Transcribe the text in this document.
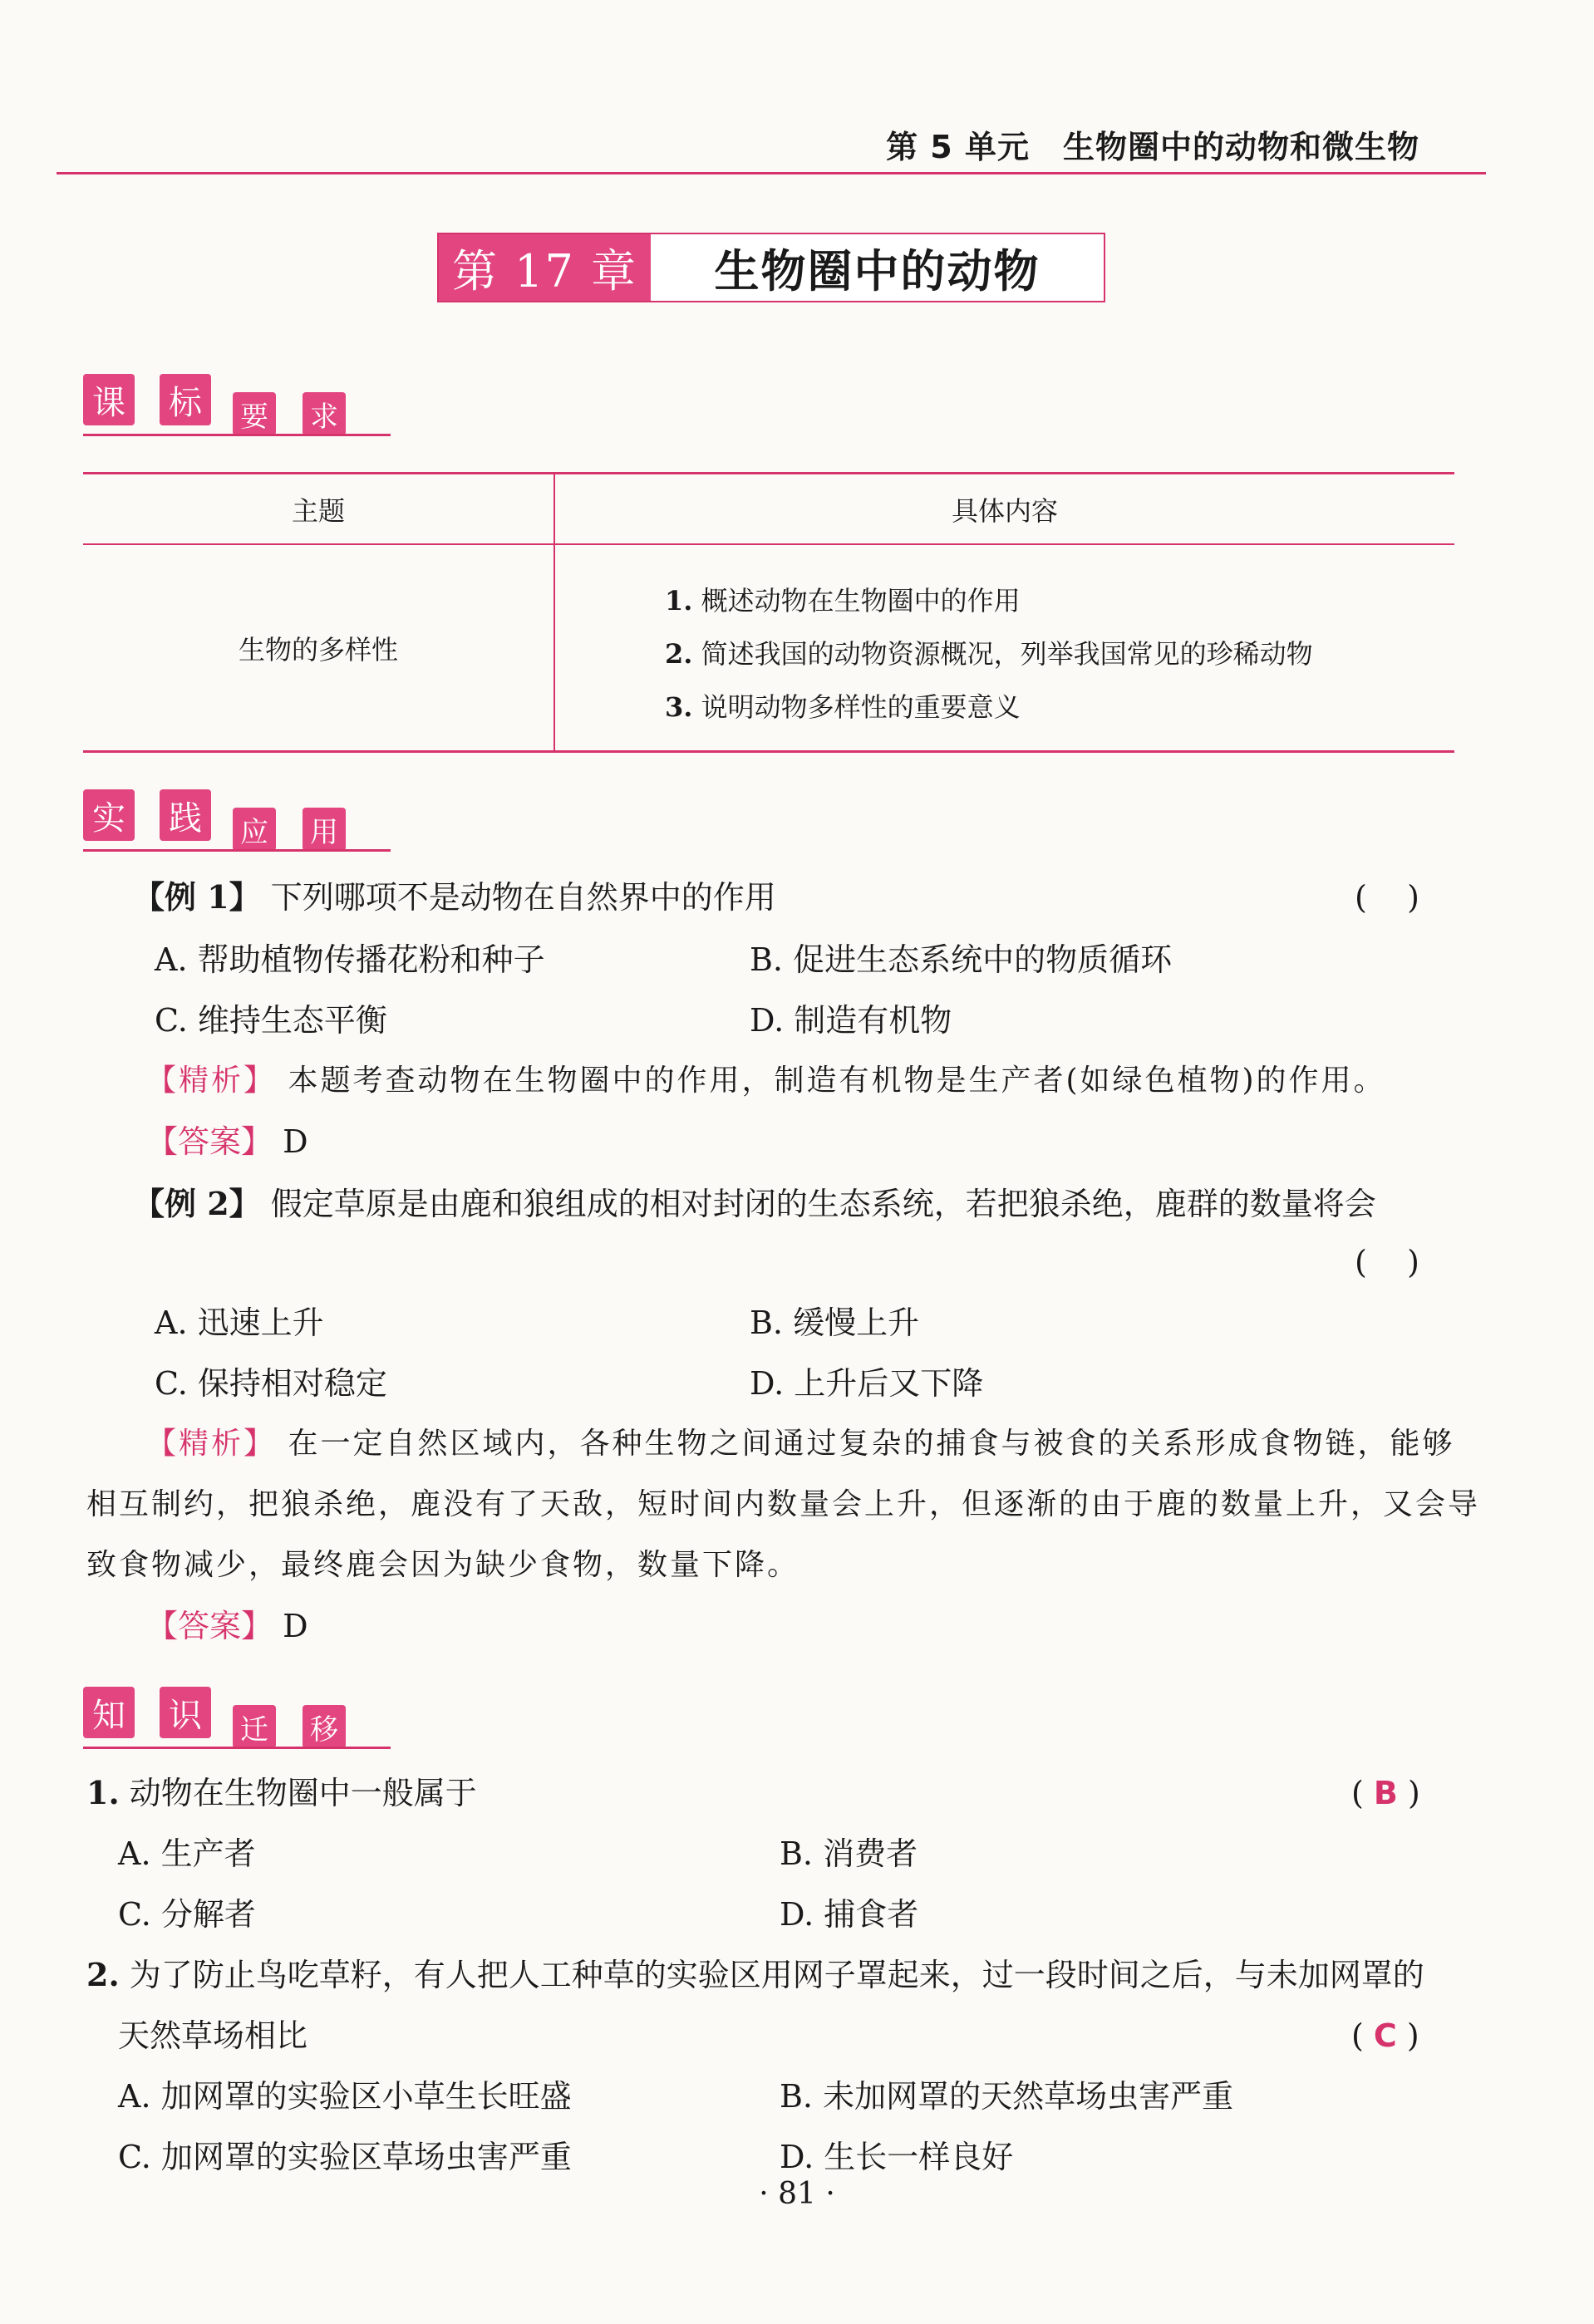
第 5 单元 生物圈中的动物和微生物
第 17 章	生物圈中的动物
课 标	要 求
主题	具体内容
生物的多样性
1. 概述动物在生物圈中的作用
2. 简述我国的动物资源概况，列举我国常见的珍稀动物
3. 说明动物多样性的重要意义
实 践	应 用
【例 1】 下列哪项不是动物在自然界中的作用	(    )
A. 帮助植物传播花粉和种子	B. 促进生态系统中的物质循环
C. 维持生态平衡	D. 制造有机物
【精析】 本题考查动物在生物圈中的作用，制造有机物是生产者(如绿色植物)的作用。
【答案】 D
【例 2】 假定草原是由鹿和狼组成的相对封闭的生态系统，若把狼杀绝，鹿群的数量将会
(    )
A. 迅速上升	B. 缓慢上升
C. 保持相对稳定	D. 上升后又下降
【精析】 在一定自然区域内，各种生物之间通过复杂的捕食与被食的关系形成食物链，能够
相互制约，把狼杀绝，鹿没有了天敌，短时间内数量会上升，但逐渐的由于鹿的数量上升，又会导
致食物减少，最终鹿会因为缺少食物，数量下降。
【答案】 D
知 识	迁 移
1. 动物在生物圈中一般属于	( B )
A. 生产者	B. 消费者
C. 分解者	D. 捕食者
2. 为了防止鸟吃草籽，有人把人工种草的实验区用网子罩起来，过一段时间之后，与未加网罩的
天然草场相比	( C )
A. 加网罩的实验区小草生长旺盛	B. 未加网罩的天然草场虫害严重
C. 加网罩的实验区草场虫害严重	D. 生长一样良好
· 81 ·
